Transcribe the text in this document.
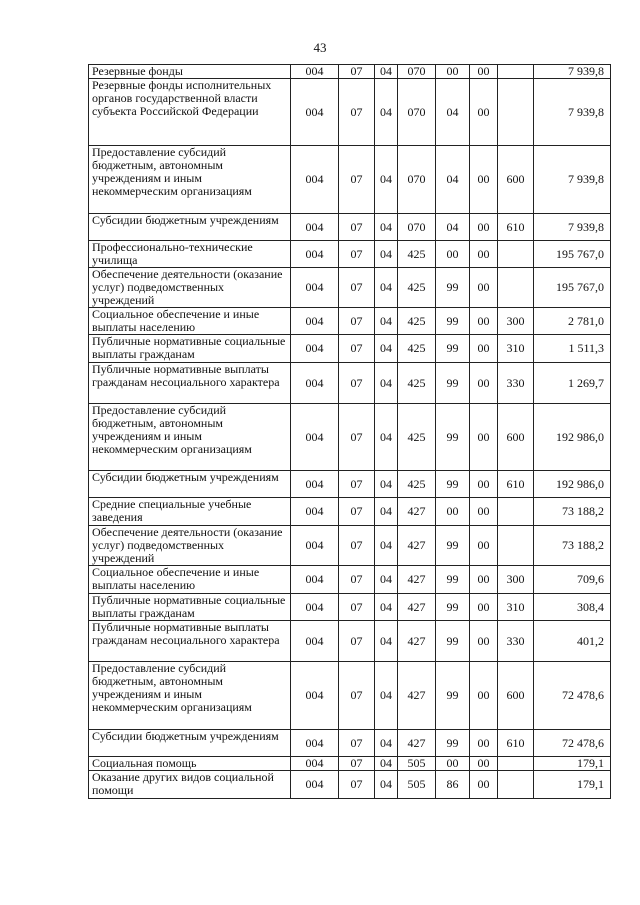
43
Резервные фонды	004	07	04	070	00	00		7 939,8
Резервные фонды исполнительных органов государственной власти субъекта Российской Федерации	004	07	04	070	04	00		7 939,8
Предоставление субсидий бюджетным, автономным учреждениям и иным некоммерческим организациям	004	07	04	070	04	00	600	7 939,8
Субсидии бюджетным учреждениям	004	07	04	070	04	00	610	7 939,8
Профессионально-технические училища	004	07	04	425	00	00		195 767,0
Обеспечение деятельности (оказание услуг) подведомственных учреждений	004	07	04	425	99	00		195 767,0
Социальное обеспечение и иные выплаты населению	004	07	04	425	99	00	300	2 781,0
Публичные нормативные социальные выплаты гражданам	004	07	04	425	99	00	310	1 511,3
Публичные нормативные выплаты гражданам несоциального характера	004	07	04	425	99	00	330	1 269,7
Предоставление субсидий бюджетным, автономным учреждениям и иным некоммерческим организациям	004	07	04	425	99	00	600	192 986,0
Субсидии бюджетным учреждениям	004	07	04	425	99	00	610	192 986,0
Средние специальные учебные заведения	004	07	04	427	00	00		73 188,2
Обеспечение деятельности (оказание услуг) подведомственных учреждений	004	07	04	427	99	00		73 188,2
Социальное обеспечение и иные выплаты населению	004	07	04	427	99	00	300	709,6
Публичные нормативные социальные выплаты гражданам	004	07	04	427	99	00	310	308,4
Публичные нормативные выплаты гражданам несоциального характера	004	07	04	427	99	00	330	401,2
Предоставление субсидий бюджетным, автономным учреждениям и иным некоммерческим организациям	004	07	04	427	99	00	600	72 478,6
Субсидии бюджетным учреждениям	004	07	04	427	99	00	610	72 478,6
Социальная помощь	004	07	04	505	00	00		179,1
Оказание других видов социальной помощи	004	07	04	505	86	00		179,1
